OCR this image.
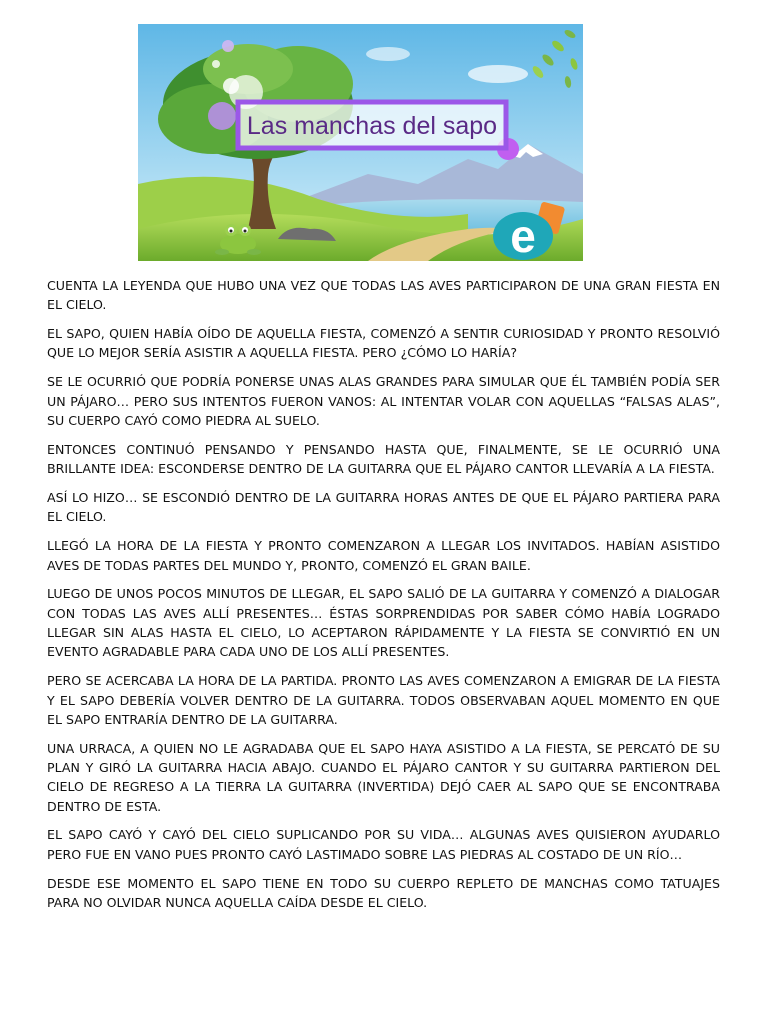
Las manchas del sapo
e

CUENTA LA LEYENDA QUE HUBO UNA VEZ QUE TODAS LAS AVES PARTICIPARON DE UNA GRAN FIESTA EN EL CIELO.

EL SAPO, QUIEN HABÍA OÍDO DE AQUELLA FIESTA, COMENZÓ A SENTIR CURIOSIDAD Y PRONTO RESOLVIÓ QUE LO MEJOR SERÍA ASISTIR A AQUELLA FIESTA. PERO ¿CÓMO LO HARÍA?

SE LE OCURRIÓ QUE PODRÍA PONERSE UNAS ALAS GRANDES PARA SIMULAR QUE ÉL TAMBIÉN PODÍA SER UN PÁJARO… PERO SUS INTENTOS FUERON VANOS: AL INTENTAR VOLAR CON AQUELLAS “FALSAS ALAS”, SU CUERPO CAYÓ COMO PIEDRA AL SUELO.

ENTONCES CONTINUÓ PENSANDO Y PENSANDO HASTA QUE, FINALMENTE, SE LE OCURRIÓ UNA BRILLANTE IDEA: ESCONDERSE DENTRO DE LA GUITARRA QUE EL PÁJARO CANTOR LLEVARÍA A LA FIESTA.

ASÍ LO HIZO… SE ESCONDIÓ DENTRO DE LA GUITARRA HORAS ANTES DE QUE EL PÁJARO PARTIERA PARA EL CIELO.

LLEGÓ LA HORA DE LA FIESTA Y PRONTO COMENZARON A LLEGAR LOS INVITADOS. HABÍAN ASISTIDO AVES DE TODAS PARTES DEL MUNDO Y, PRONTO, COMENZÓ EL GRAN BAILE.

LUEGO DE UNOS POCOS MINUTOS DE LLEGAR, EL SAPO SALIÓ DE LA GUITARRA Y COMENZÓ A DIALOGAR CON TODAS LAS AVES ALLÍ PRESENTES… ÉSTAS SORPRENDIDAS POR SABER CÓMO HABÍA LOGRADO LLEGAR SIN ALAS HASTA EL CIELO, LO ACEPTARON RÁPIDAMENTE Y LA FIESTA SE CONVIRTIÓ EN UN EVENTO AGRADABLE PARA CADA UNO DE LOS ALLÍ PRESENTES.

PERO SE ACERCABA LA HORA DE LA PARTIDA. PRONTO LAS AVES COMENZARON A EMIGRAR DE LA FIESTA Y EL SAPO DEBERÍA VOLVER DENTRO DE LA GUITARRA. TODOS OBSERVABAN AQUEL MOMENTO EN QUE EL SAPO ENTRARÍA DENTRO DE LA GUITARRA.

UNA URRACA, A QUIEN NO LE AGRADABA QUE EL SAPO HAYA ASISTIDO A LA FIESTA, SE PERCATÓ DE SU PLAN Y GIRÓ LA GUITARRA HACIA ABAJO. CUANDO EL PÁJARO CANTOR Y SU GUITARRA PARTIERON DEL CIELO DE REGRESO A LA TIERRA LA GUITARRA (INVERTIDA) DEJÓ CAER AL SAPO QUE SE ENCONTRABA DENTRO DE ESTA.

EL SAPO CAYÓ Y CAYÓ DEL CIELO SUPLICANDO POR SU VIDA… ALGUNAS AVES QUISIERON AYUDARLO PERO FUE EN VANO PUES PRONTO CAYÓ LASTIMADO SOBRE LAS PIEDRAS AL COSTADO DE UN RÍO…

DESDE ESE MOMENTO EL SAPO TIENE EN TODO SU CUERPO REPLETO DE MANCHAS COMO TATUAJES PARA NO OLVIDAR NUNCA AQUELLA CAÍDA DESDE EL CIELO.
